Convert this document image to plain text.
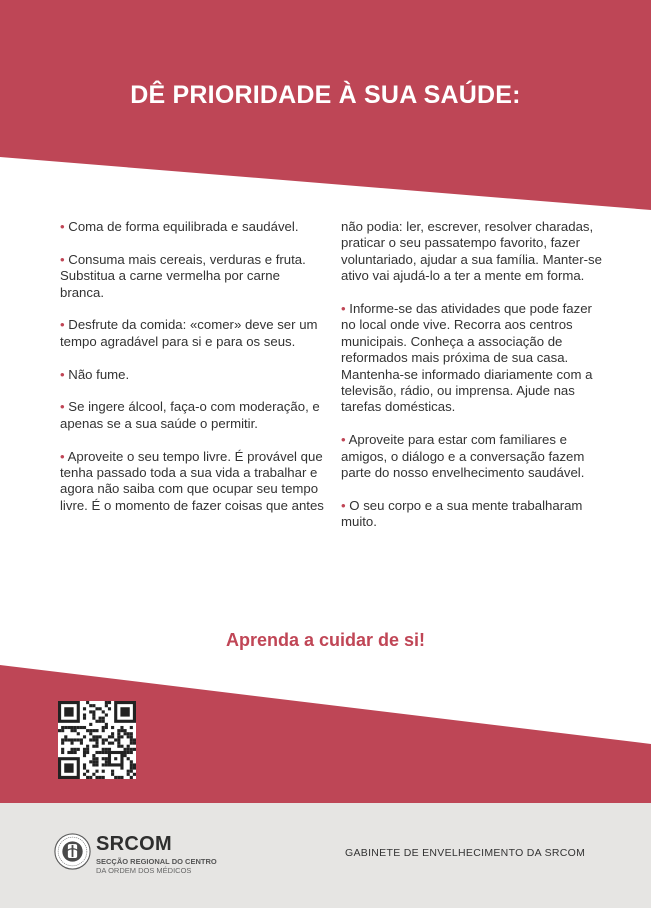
DÊ PRIORIDADE À SUA SAÚDE:

• Coma de forma equilibrada e saudável.

• Consuma mais cereais, verduras e fruta. Substitua a carne vermelha por carne branca.

• Desfrute da comida: «comer» deve ser um tempo agradável para si e para os seus.

• Não fume.

• Se ingere álcool, faça-o com moderação, e apenas se a sua saúde o permitir.

• Aproveite o seu tempo livre. É provável que tenha passado toda a sua vida a trabalhar e agora não saiba com que ocupar seu tempo livre. É o momento de fazer coisas que antes

não podia: ler, escrever, resolver charadas, praticar o seu passatempo favorito, fazer voluntariado, ajudar a sua família. Manter-se ativo vai ajudá-lo a ter a mente em forma.

• Informe-se das atividades que pode fazer no local onde vive. Recorra aos centros municipais. Conheça a associação de reformados mais próxima de sua casa. Mantenha-se informado diariamente com a televisão, rádio, ou imprensa. Ajude nas tarefas domésticas.

• Aproveite para estar com familiares e amigos, o diálogo e a conversação fazem parte do nosso envelhecimento saudável.

• O seu corpo e a sua mente trabalharam muito.

Aprenda a cuidar de si!
SRCOM
SECÇÃO REGIONAL DO CENTRO
DA ORDEM DOS MÉDICOS
GABINETE DE ENVELHECIMENTO DA SRCOM
